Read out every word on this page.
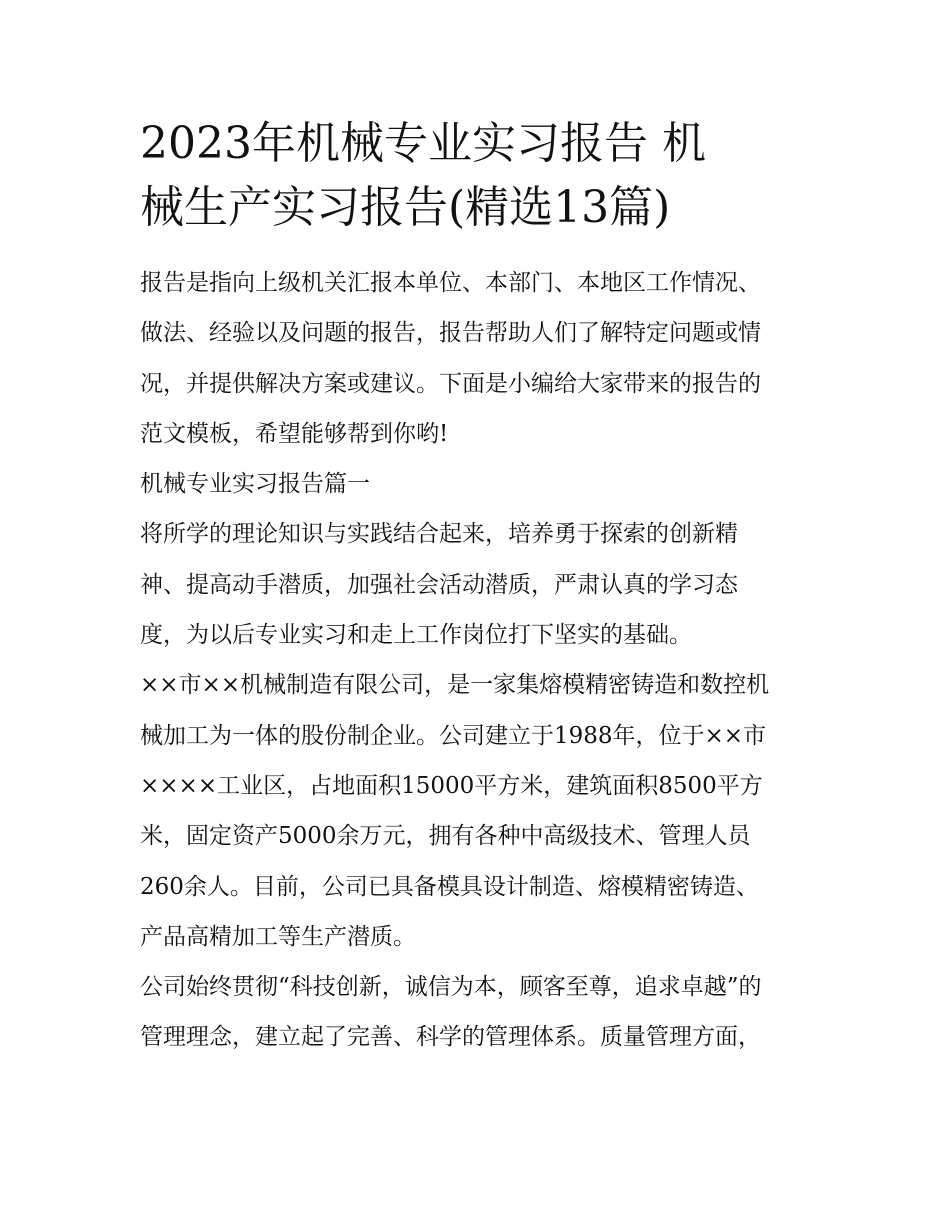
2023年机械专业实习报告 机
械生产实习报告(精选13篇)

报告是指向上级机关汇报本单位、本部门、本地区工作情况、
做法、经验以及问题的报告，报告帮助人们了解特定问题或情
况，并提供解决方案或建议。下面是小编给大家带来的报告的
范文模板，希望能够帮到你哟!

机械专业实习报告篇一

将所学的理论知识与实践结合起来，培养勇于探索的创新精
神、提高动手潜质，加强社会活动潜质，严肃认真的学习态
度，为以后专业实习和走上工作岗位打下坚实的基础。

××市××机械制造有限公司，是一家集熔模精密铸造和数控机
械加工为一体的股份制企业。公司建立于1988年，位于××市
××××工业区，占地面积15000平方米，建筑面积8500平方
米，固定资产5000余万元，拥有各种中高级技术、管理人员
260余人。目前，公司已具备模具设计制造、熔模精密铸造、
产品高精加工等生产潜质。

公司始终贯彻“科技创新，诚信为本，顾客至尊，追求卓越”的
管理理念，建立起了完善、科学的管理体系。质量管理方面，
